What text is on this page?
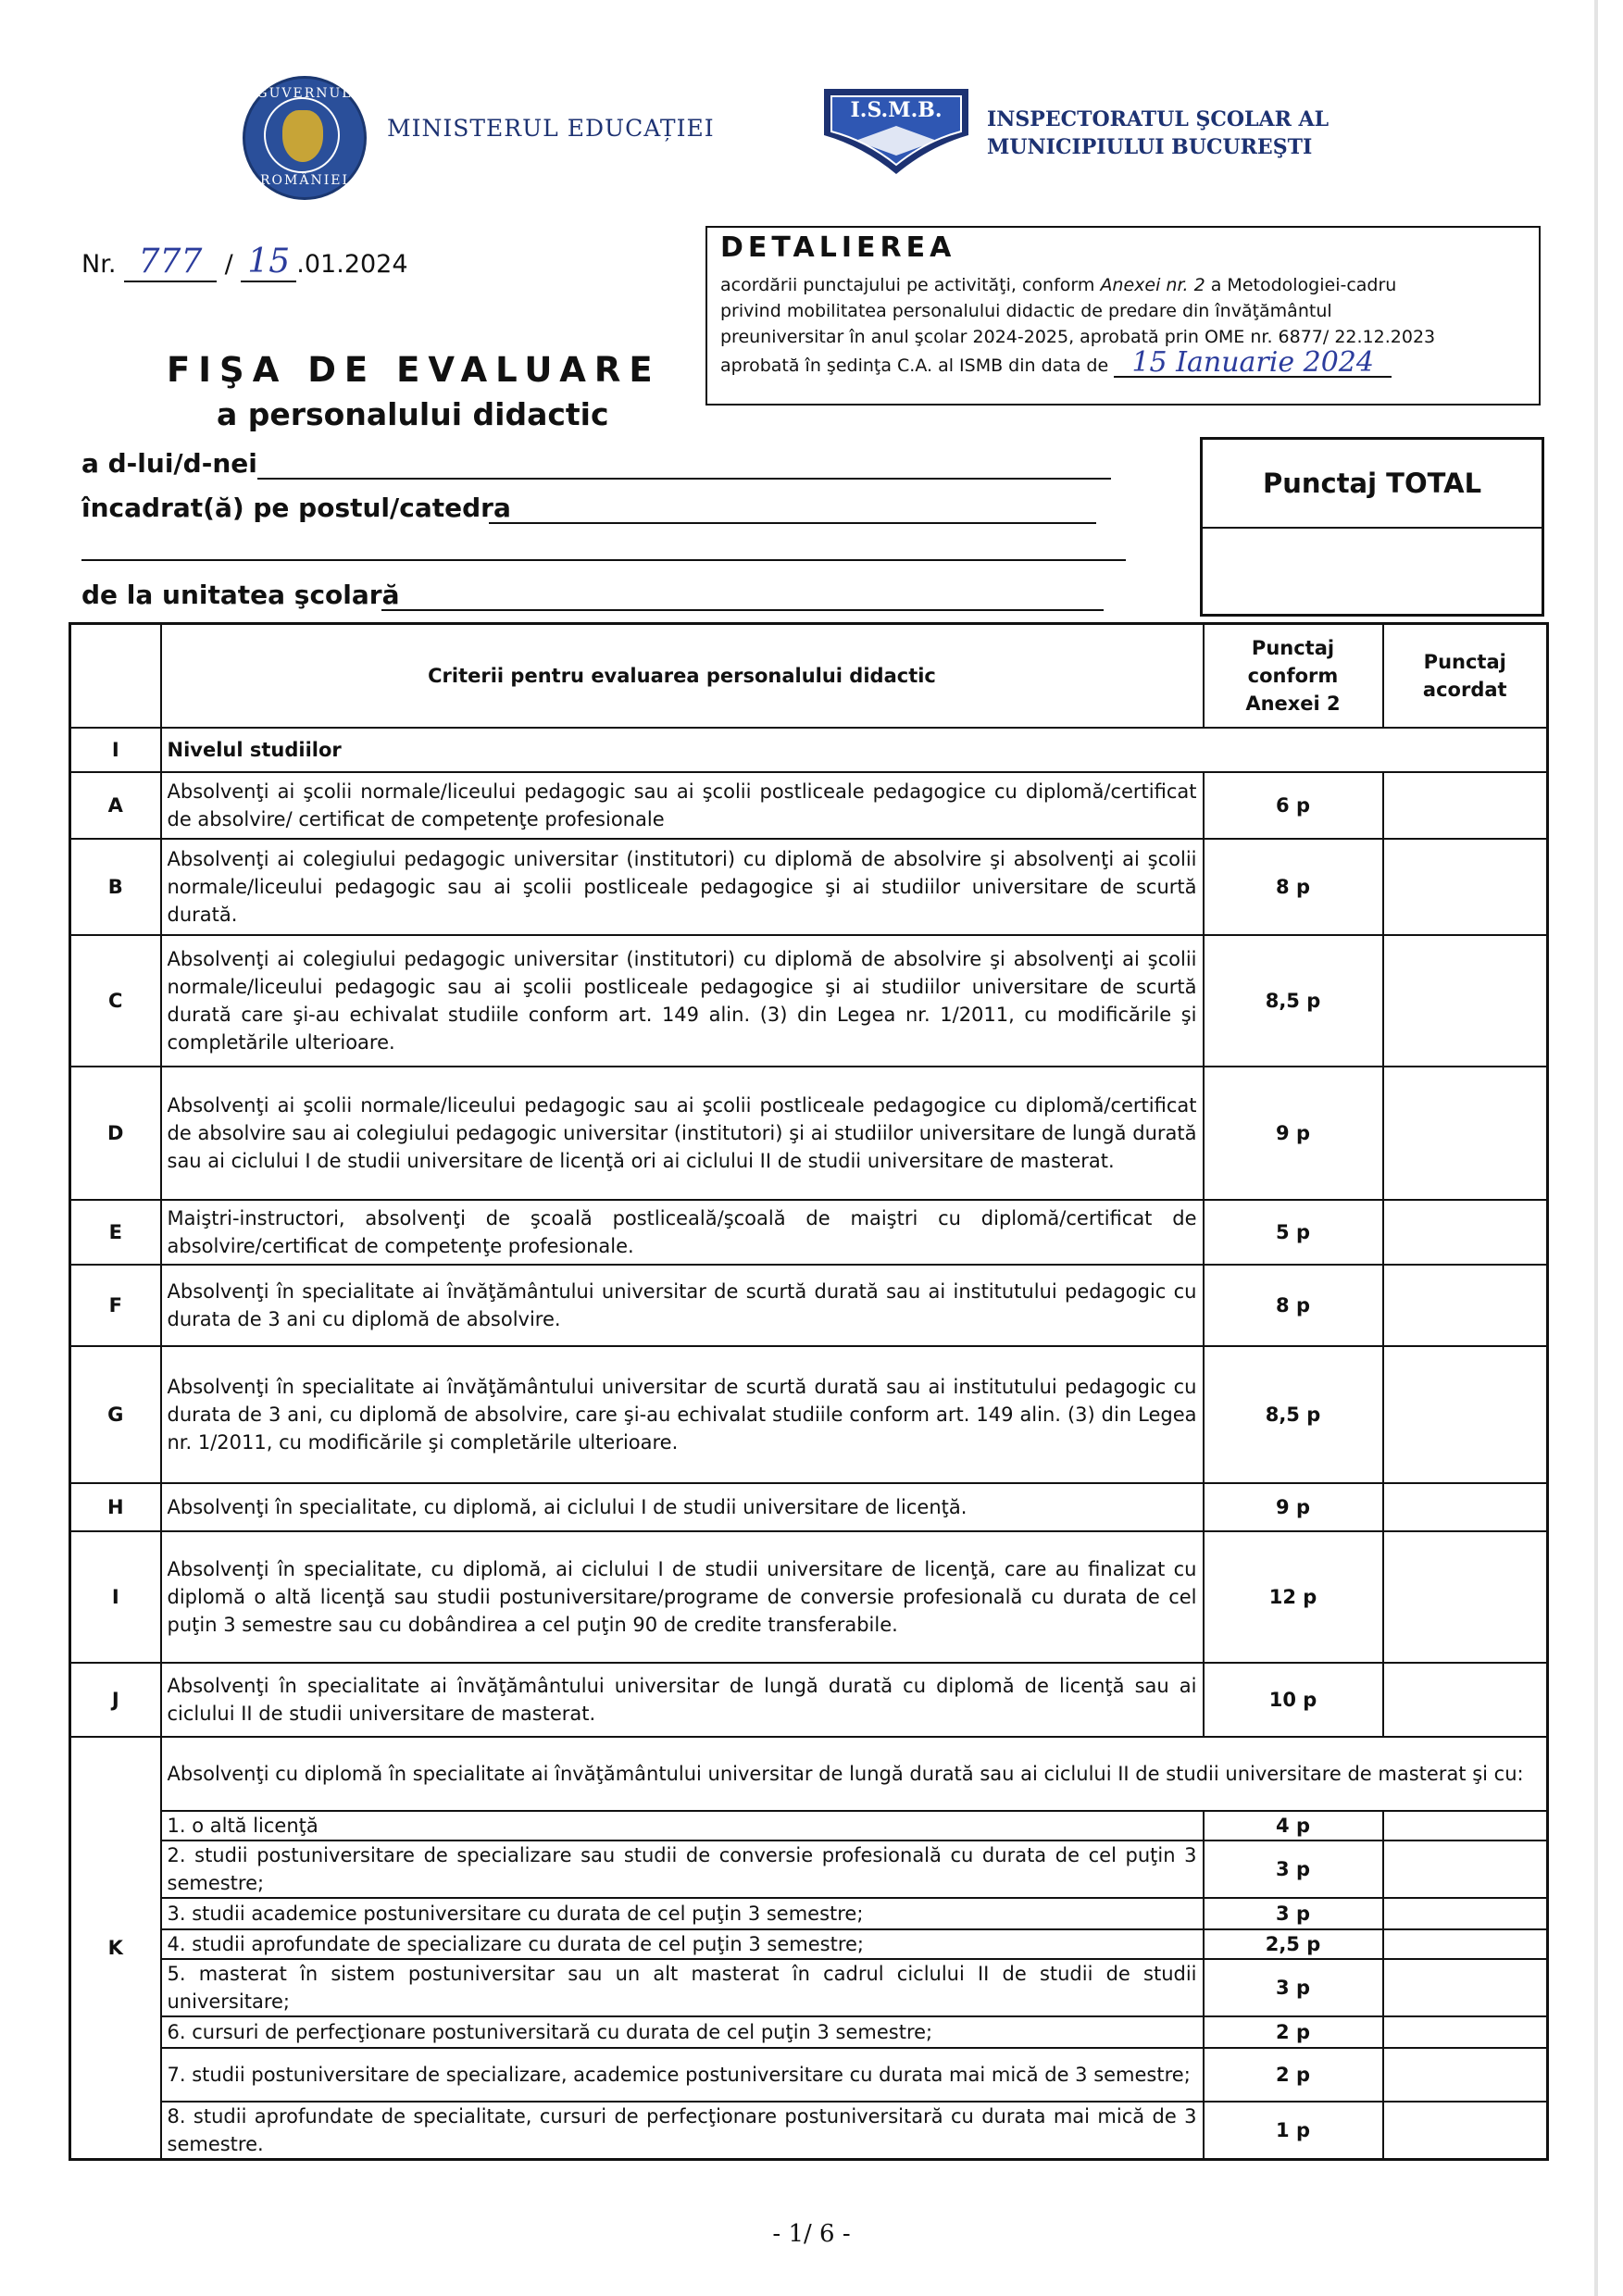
GUVERNUL
ROMÂNIEI
MINISTERUL EDUCAȚIEI
I.S.M.B. INSPECTORATUL ŞCOLAR AL
MUNICIPIULUI BUCUREŞTI
Nr. 777 / 15 .01.2024
DETALIEREA
acordării punctajului pe activităţi, conform Anexei nr. 2 a Metodologiei-cadru
privind mobilitatea personalului didactic de predare din învăţământul
preuniversitar în anul şcolar 2024-2025, aprobată prin OME nr. 6877/ 22.12.2023
aprobată în şedinţa C.A. al ISMB din data de 15 Ianuarie 2024
FIŞA DE EVALUARE
a personalului didactic
a d-lui/d-nei
încadrat(ă) pe postul/catedra
de la unitatea şcolară
Punctaj TOTAL
	Criterii pentru evaluarea personalului didactic	Punctaj conform Anexei 2	Punctaj acordat
I	Nivelul studiilor		
A	Absolvenţi ai şcolii normale/liceului pedagogic sau ai şcolii postliceale pedagogice cu diplomă/certificat de absolvire/ certificat de competenţe profesionale	6 p	
B	Absolvenţi ai colegiului pedagogic universitar (institutori) cu diplomă de absolvire şi absolvenţi ai şcolii normale/liceului pedagogic sau ai şcolii postliceale pedagogice şi ai studiilor universitare de scurtă durată.	8 p	
C	Absolvenţi ai colegiului pedagogic universitar (institutori) cu diplomă de absolvire şi absolvenţi ai şcolii normale/liceului pedagogic sau ai şcolii postliceale pedagogice şi ai studiilor universitare de scurtă durată care şi-au echivalat studiile conform art. 149 alin. (3) din Legea nr. 1/2011, cu modificările şi completările ulterioare.	8,5 p	
D	Absolvenţi ai şcolii normale/liceului pedagogic sau ai şcolii postliceale pedagogice cu diplomă/certificat de absolvire sau ai colegiului pedagogic universitar (institutori) şi ai studiilor universitare de lungă durată sau ai ciclului I de studii universitare de licenţă ori ai ciclului II de studii universitare de masterat.	9 p	
E	Maiştri-instructori, absolvenţi de şcoală postliceală/şcoală de maiştri cu diplomă/certificat de absolvire/certificat de competenţe profesionale.	5 p	
F	Absolvenţi în specialitate ai învăţământului universitar de scurtă durată sau ai institutului pedagogic cu durata de 3 ani cu diplomă de absolvire.	8 p	
G	Absolvenţi în specialitate ai învăţământului universitar de scurtă durată sau ai institutului pedagogic cu durata de 3 ani, cu diplomă de absolvire, care şi-au echivalat studiile conform art. 149 alin. (3) din Legea nr. 1/2011, cu modificările şi completările ulterioare.	8,5 p	
H	Absolvenţi în specialitate, cu diplomă, ai ciclului I de studii universitare de licenţă.	9 p	
I	Absolvenţi în specialitate, cu diplomă, ai ciclului I de studii universitare de licenţă, care au finalizat cu diplomă o altă licenţă sau studii postuniversitare/programe de conversie profesională cu durata de cel puţin 3 semestre sau cu dobândirea a cel puţin 90 de credite transferabile.	12 p	
J	Absolvenţi în specialitate ai învăţământului universitar de lungă durată cu diplomă de licenţă sau ai ciclului II de studii universitare de masterat.	10 p	
K	Absolvenţi cu diplomă în specialitate ai învăţământului universitar de lungă durată sau ai ciclului II de studii universitare de masterat şi cu:		
	1. o altă licenţă	4 p	
	2. studii postuniversitare de specializare sau studii de conversie profesională cu durata de cel puţin 3 semestre;	3 p	
	3. studii academice postuniversitare cu durata de cel puţin 3 semestre;	3 p	
	4. studii aprofundate de specializare cu durata de cel puţin 3 semestre;	2,5 p	
	5. masterat în sistem postuniversitar sau un alt masterat în cadrul ciclului II de studii de studii universitare;	3 p	
	6. cursuri de perfecţionare postuniversitară cu durata de cel puţin 3 semestre;	2 p	
	7. studii postuniversitare de specializare, academice postuniversitare cu durata mai mică de 3 semestre;	2 p	
	8. studii aprofundate de specialitate, cursuri de perfecţionare postuniversitară cu durata mai mică de 3 semestre.	1 p	
- 1/ 6 -
